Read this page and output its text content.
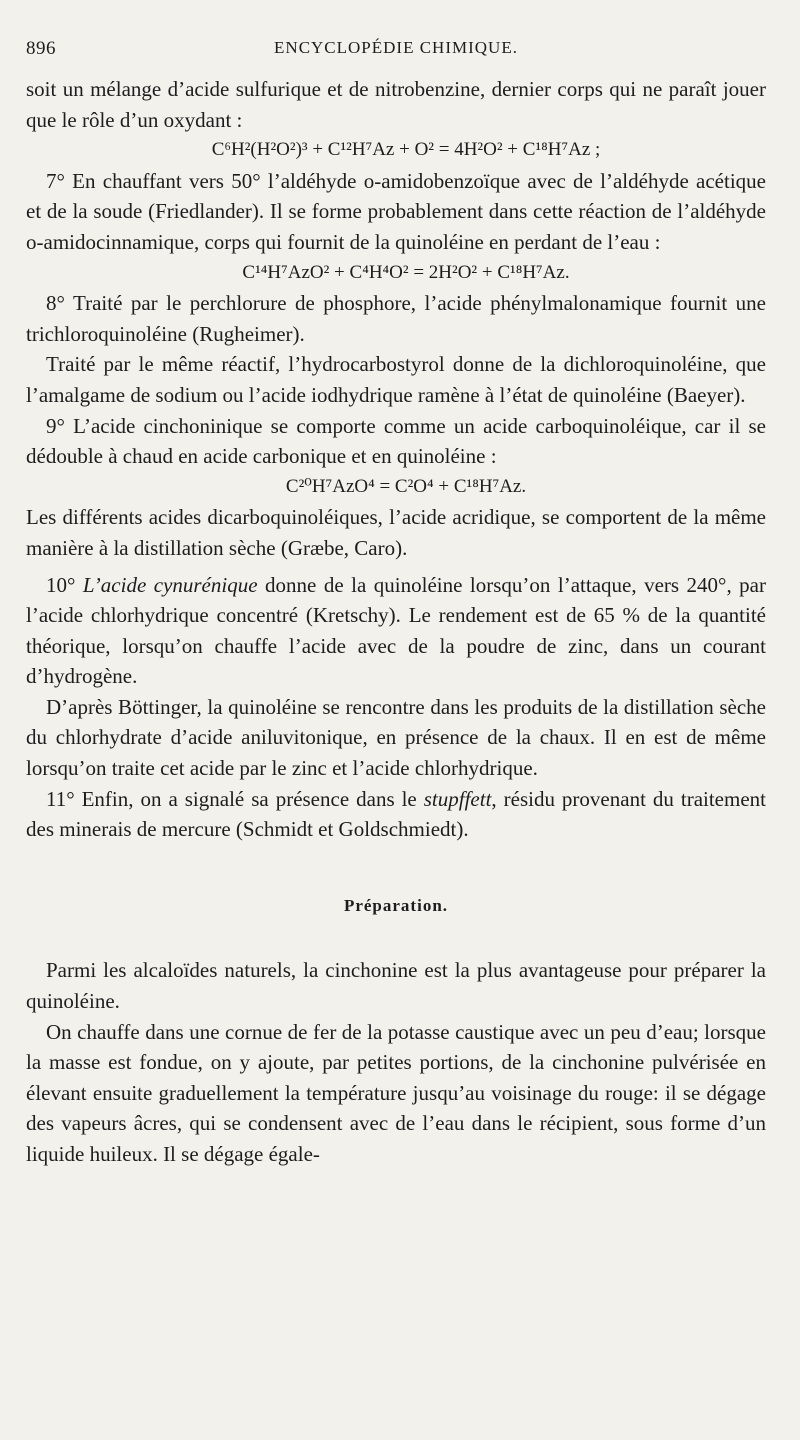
896	ENCYCLOPÉDIE CHIMIQUE.

soit un mélange d’acide sulfurique et de nitrobenzine, dernier corps qui ne paraît jouer que le rôle d’un oxydant :

C⁶H²(H²O²)³ + C¹²H⁷Az + O² = 4H²O² + C¹⁸H⁷Az ;

7° En chauffant vers 50° l’aldéhyde o-amidobenzoïque avec de l’aldéhyde acétique et de la soude (Friedlander). Il se forme probablement dans cette réaction de l’aldéhyde o-amidocinnamique, corps qui fournit de la quinoléine en perdant de l’eau :

C¹⁴H⁷AzO² + C⁴H⁴O² = 2H²O² + C¹⁸H⁷Az.

8° Traité par le perchlorure de phosphore, l’acide phénylmalonamique fournit une trichloroquinoléine (Rugheimer).

Traité par le même réactif, l’hydrocarbostyrol donne de la dichloroquinoléine, que l’amalgame de sodium ou l’acide iodhydrique ramène à l’état de quinoléine (Baeyer).

9° L’acide cinchoninique se comporte comme un acide carboquinoléique, car il se dédouble à chaud en acide carbonique et en quinoléine :

C²⁰H⁷AzO⁴ = C²O⁴ + C¹⁸H⁷Az.

Les différents acides dicarboquinoléiques, l’acide acridique, se comportent de la même manière à la distillation sèche (Græbe, Caro).

10° L’acide cynurénique donne de la quinoléine lorsqu’on l’attaque, vers 240°, par l’acide chlorhydrique concentré (Kretschy). Le rendement est de 65 % de la quantité théorique, lorsqu’on chauffe l’acide avec de la poudre de zinc, dans un courant d’hydrogène.

D’après Böttinger, la quinoléine se rencontre dans les produits de la distillation sèche du chlorhydrate d’acide aniluvitonique, en présence de la chaux. Il en est de même lorsqu’on traite cet acide par le zinc et l’acide chlorhydrique.

11° Enfin, on a signalé sa présence dans le stupffett, résidu provenant du traitement des minerais de mercure (Schmidt et Goldschmiedt).

Préparation.

Parmi les alcaloïdes naturels, la cinchonine est la plus avantageuse pour préparer la quinoléine.

On chauffe dans une cornue de fer de la potasse caustique avec un peu d’eau; lorsque la masse est fondue, on y ajoute, par petites portions, de la cinchonine pulvérisée en élevant ensuite graduellement la température jusqu’au voisinage du rouge: il se dégage des vapeurs âcres, qui se condensent avec de l’eau dans le récipient, sous forme d’un liquide huileux. Il se dégage égale-
